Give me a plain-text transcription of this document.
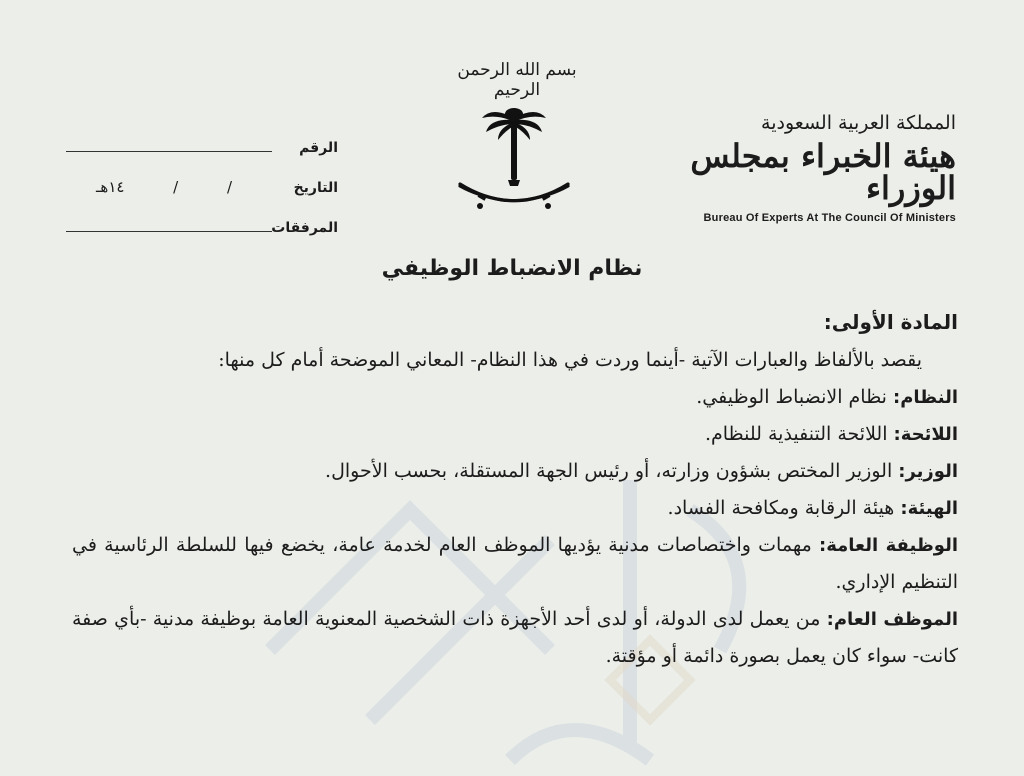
المملكة العربية السعودية
هيئة الخبراء بمجلس الوزراء
Bureau Of Experts At The Council Of Ministers
بسم الله الرحمن الرحيم
الرقم
التاريخ
/
/
١٤هـ
المرفقات
نظام الانضباط الوظيفي
المادة الأولى:
يقصد بالألفاظ والعبارات الآتية -أينما وردت في هذا النظام- المعاني الموضحة أمام كل منها:
النظام: نظام الانضباط الوظيفي.
اللائحة: اللائحة التنفيذية للنظام.
الوزير: الوزير المختص بشؤون وزارته، أو رئيس الجهة المستقلة، بحسب الأحوال.
الهيئة: هيئة الرقابة ومكافحة الفساد.
الوظيفة العامة: مهمات واختصاصات مدنية يؤديها الموظف العام لخدمة عامة، يخضع فيها للسلطة الرئاسية في التنظيم الإداري.
الموظف العام: من يعمل لدى الدولة، أو لدى أحد الأجهزة ذات الشخصية المعنوية العامة بوظيفة مدنية -بأي صفة كانت- سواء كان يعمل بصورة دائمة أو مؤقتة.
